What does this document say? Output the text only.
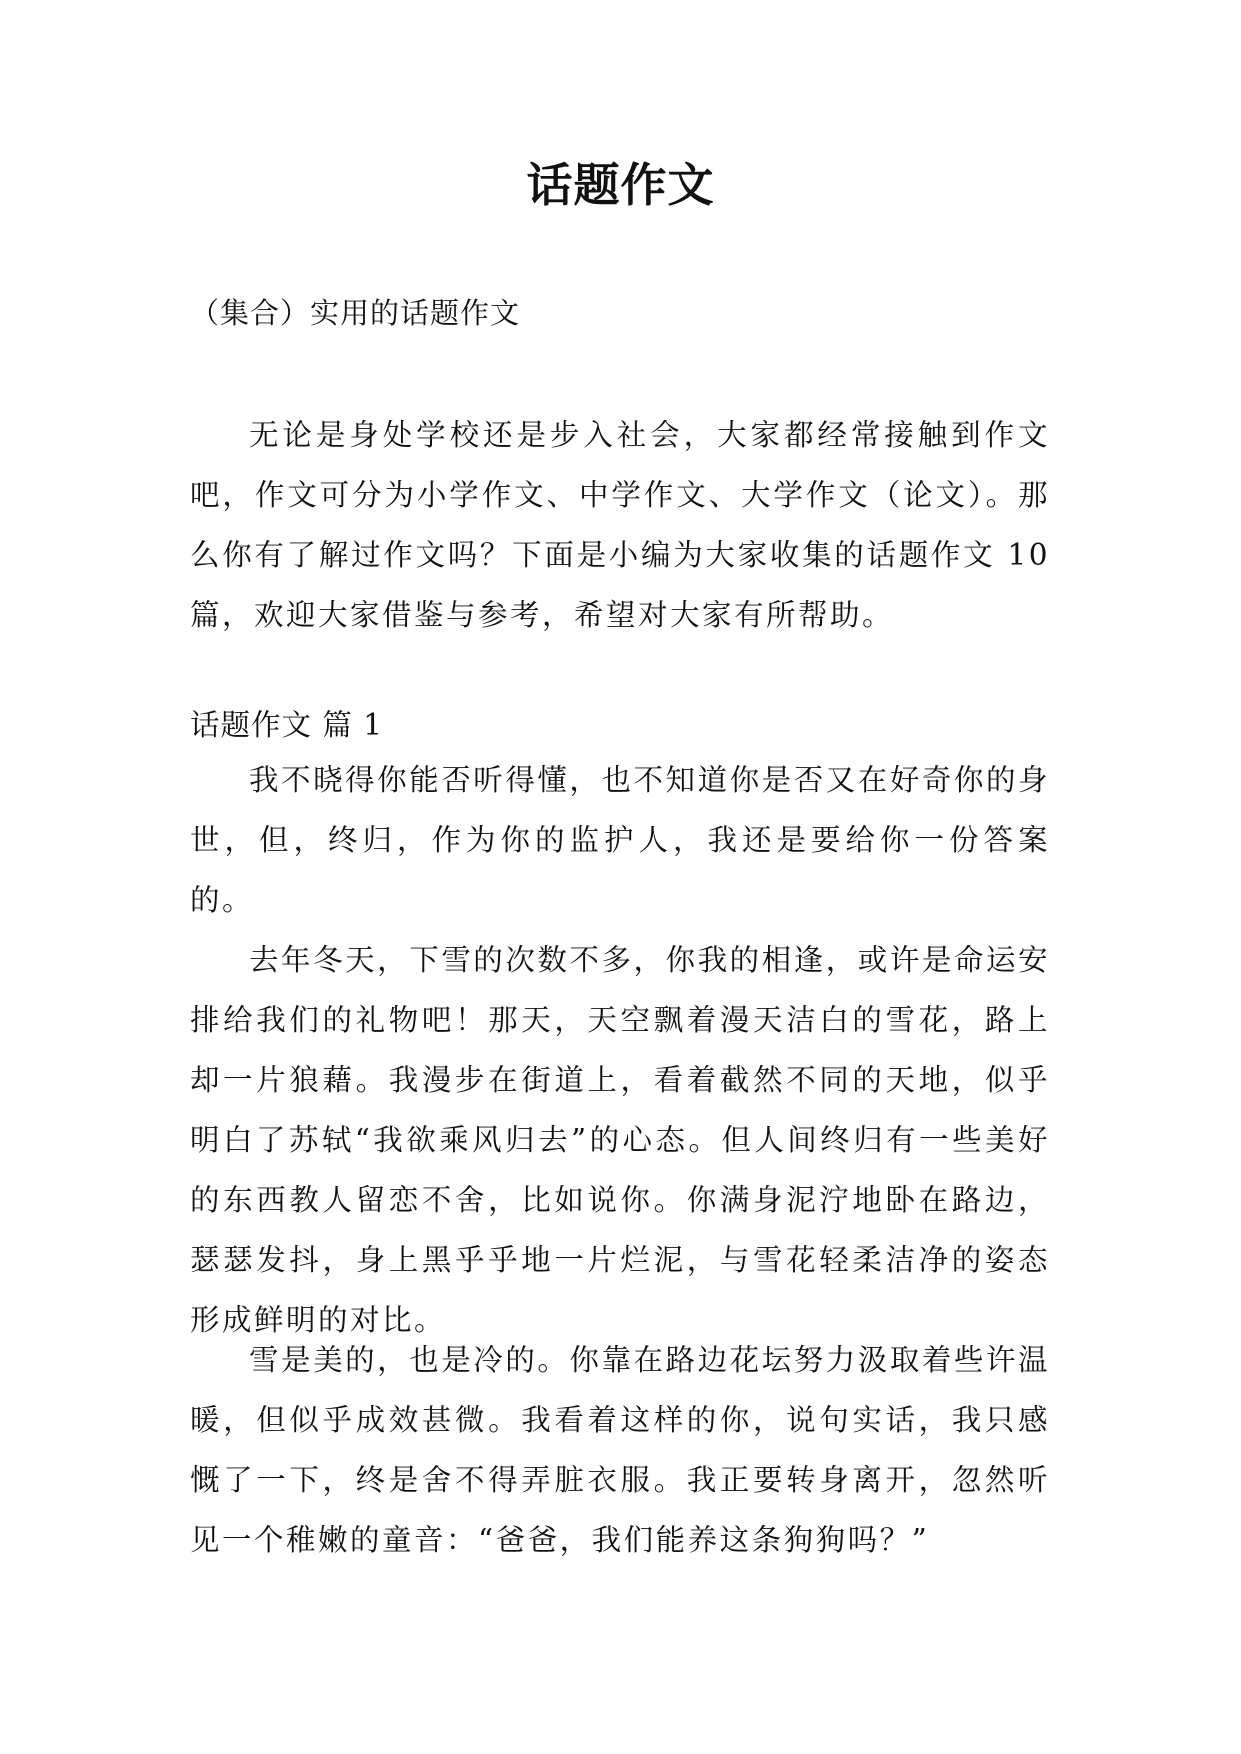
话题作文

（集合）实用的话题作文

无论是身处学校还是步入社会，大家都经常接触到作文吧，作文可分为小学作文、中学作文、大学作文（论文）。那么你有了解过作文吗？下面是小编为大家收集的话题作文 10 篇，欢迎大家借鉴与参考，希望对大家有所帮助。

话题作文 篇 1

我不晓得你能否听得懂，也不知道你是否又在好奇你的身世，但，终归，作为你的监护人，我还是要给你一份答案的。

去年冬天，下雪的次数不多，你我的相逢，或许是命运安排给我们的礼物吧！那天，天空飘着漫天洁白的雪花，路上却一片狼藉。我漫步在街道上，看着截然不同的天地，似乎明白了苏轼“我欲乘风归去”的心态。但人间终归有一些美好的东西教人留恋不舍，比如说你。你满身泥泞地卧在路边，瑟瑟发抖，身上黑乎乎地一片烂泥，与雪花轻柔洁净的姿态形成鲜明的对比。

雪是美的，也是冷的。你靠在路边花坛努力汲取着些许温暖，但似乎成效甚微。我看着这样的你，说句实话，我只感慨了一下，终是舍不得弄脏衣服。我正要转身离开，忽然听见一个稚嫩的童音：“爸爸，我们能养这条狗狗吗？”
